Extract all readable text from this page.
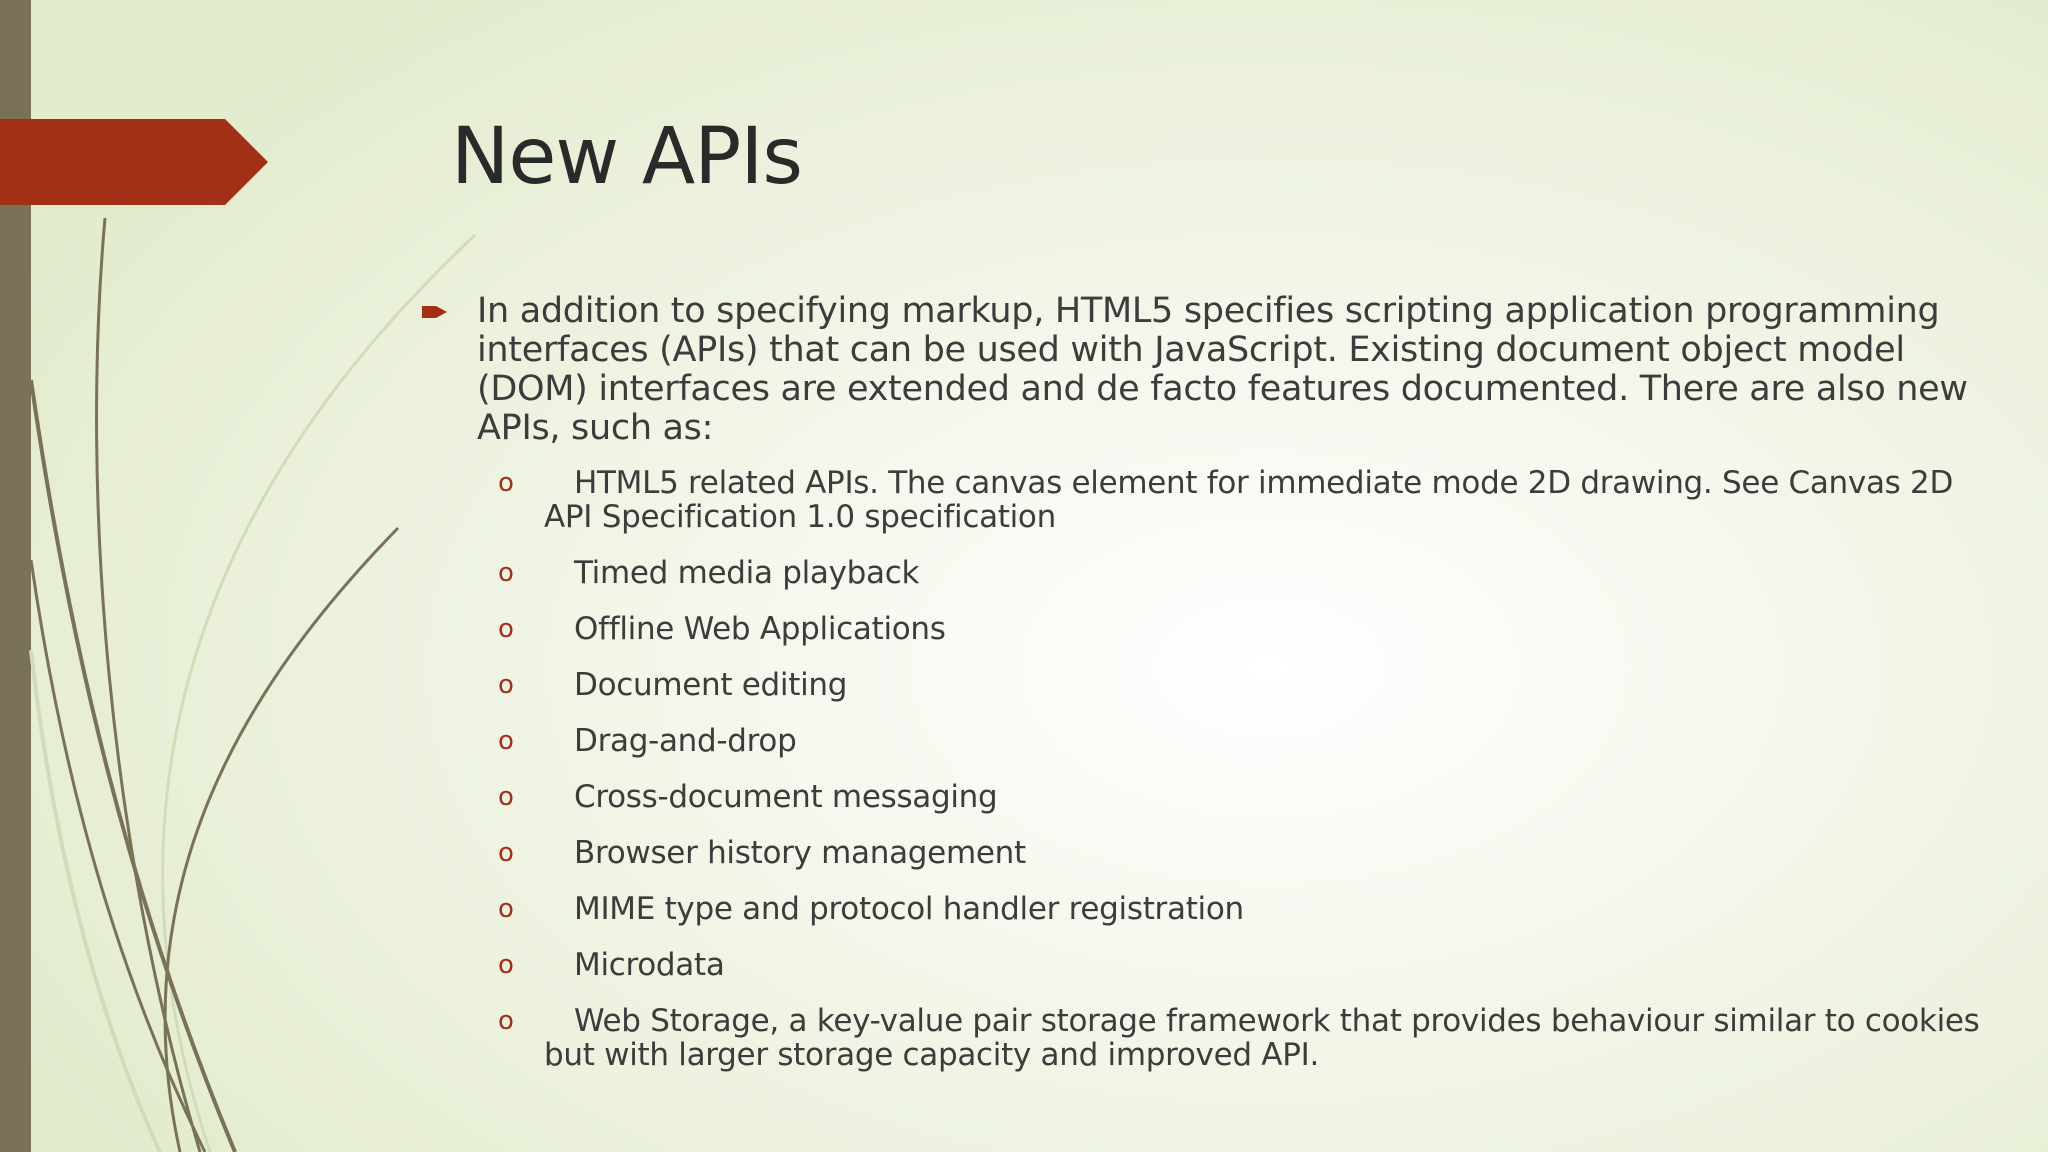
New APIs
In addition to specifying markup, HTML5 specifies scripting application programming interfaces (APIs) that can be used with JavaScript. Existing document object model (DOM) interfaces are extended and de facto features documented. There are also new APIs, such as:
o HTML5 related APIs. The canvas element for immediate mode 2D drawing. See Canvas 2D API Specification 1.0 specification
o Timed media playback
o Offline Web Applications
o Document editing
o Drag-and-drop
o Cross-document messaging
o Browser history management
o MIME type and protocol handler registration
o Microdata
o Web Storage, a key-value pair storage framework that provides behaviour similar to cookies but with larger storage capacity and improved API.
